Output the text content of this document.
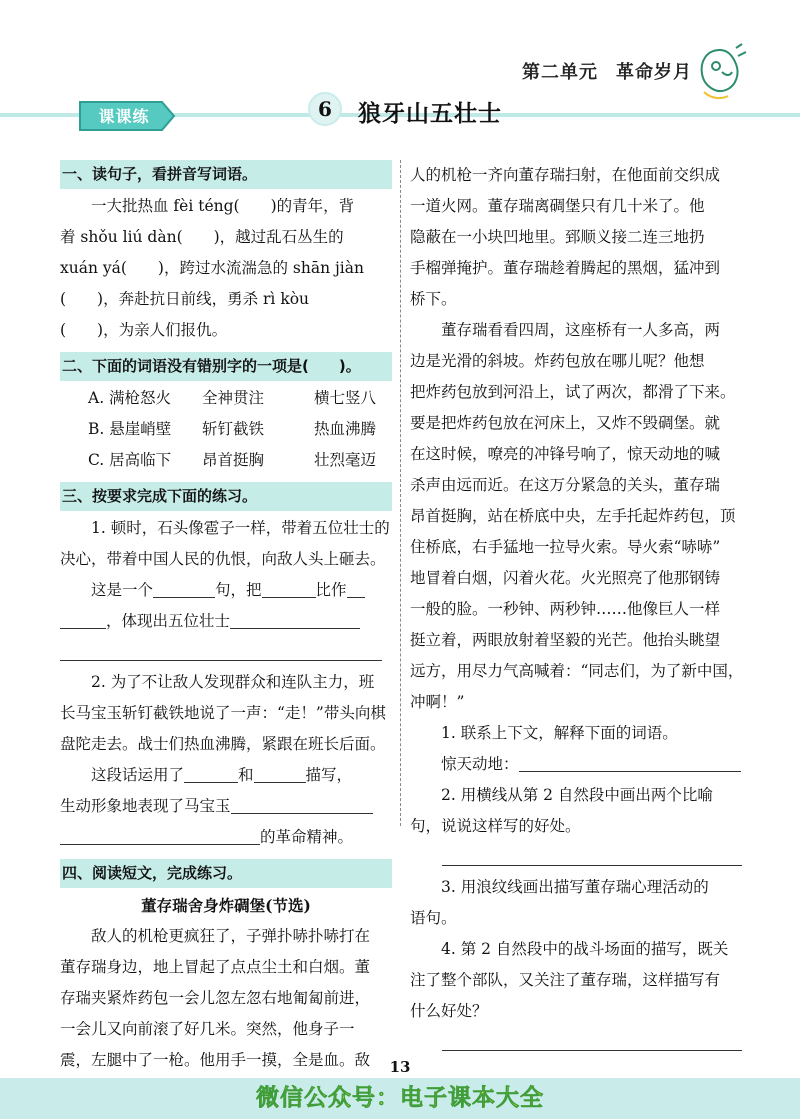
第二单元 革命岁月
课课练	6	狼牙山五壮士
一、读句子，看拼音写词语。
一大批热血 fèi téng(　　)的青年，背
着 shǒu liú dàn(　　)，越过乱石丛生的
xuán yá(　　)，跨过水流湍急的 shān jiàn
(　　)，奔赴抗日前线，勇杀 rì kòu
(　　)，为亲人们报仇。
二、下面的词语没有错别字的一项是(　　)。
A. 满枪怒火	全神贯注	横七竖八
B. 悬崖峭壁	斩钉截铁	热血沸腾
C. 居高临下	昂首挺胸	壮烈毫迈
三、按要求完成下面的练习。
1. 顿时，石头像雹子一样，带着五位壮士的
决心，带着中国人民的仇恨，向敌人头上砸去。
这是一个	句，把	比作
，体现出五位壮士
2. 为了不让敌人发现群众和连队主力，班
长马宝玉斩钉截铁地说了一声：“走！”带头向棋
盘陀走去。战士们热血沸腾，紧跟在班长后面。
这段话运用了	和	描写，
生动形象地表现了马宝玉
的革命精神。
四、阅读短文，完成练习。
董存瑞舍身炸碉堡(节选)
敌人的机枪更疯狂了，子弹扑哧扑哧打在
董存瑞身边，地上冒起了点点尘土和白烟。董
存瑞夹紧炸药包一会儿忽左忽右地匍匐前进，
一会儿又向前滚了好几米。突然，他身子一
震，左腿中了一枪。他用手一摸，全是血。敌
人的机枪一齐向董存瑞扫射，在他面前交织成
一道火网。董存瑞离碉堡只有几十米了。他
隐蔽在一小块凹地里。郅顺义接二连三地扔
手榴弹掩护。董存瑞趁着腾起的黑烟，猛冲到
桥下。
董存瑞看看四周，这座桥有一人多高，两
边是光滑的斜坡。炸药包放在哪儿呢？他想
把炸药包放到河沿上，试了两次，都滑了下来。
要是把炸药包放在河床上，又炸不毁碉堡。就
在这时候，嘹亮的冲锋号响了，惊天动地的喊
杀声由远而近。在这万分紧急的关头，董存瑞
昂首挺胸，站在桥底中央，左手托起炸药包，顶
住桥底，右手猛地一拉导火索。导火索“哧哧”
地冒着白烟，闪着火花。火光照亮了他那钢铸
一般的脸。一秒钟、两秒钟……他像巨人一样
挺立着，两眼放射着坚毅的光芒。他抬头眺望
远方，用尽力气高喊着：“同志们，为了新中国，
冲啊！”
1. 联系上下文，解释下面的词语。
惊天动地：
2. 用横线从第 2 自然段中画出两个比喻
句，说说这样写的好处。
3. 用浪纹线画出描写董存瑞心理活动的
语句。
4. 第 2 自然段中的战斗场面的描写，既关
注了整个部队，又关注了董存瑞，这样描写有
什么好处？
13
微信公众号：电子课本大全
